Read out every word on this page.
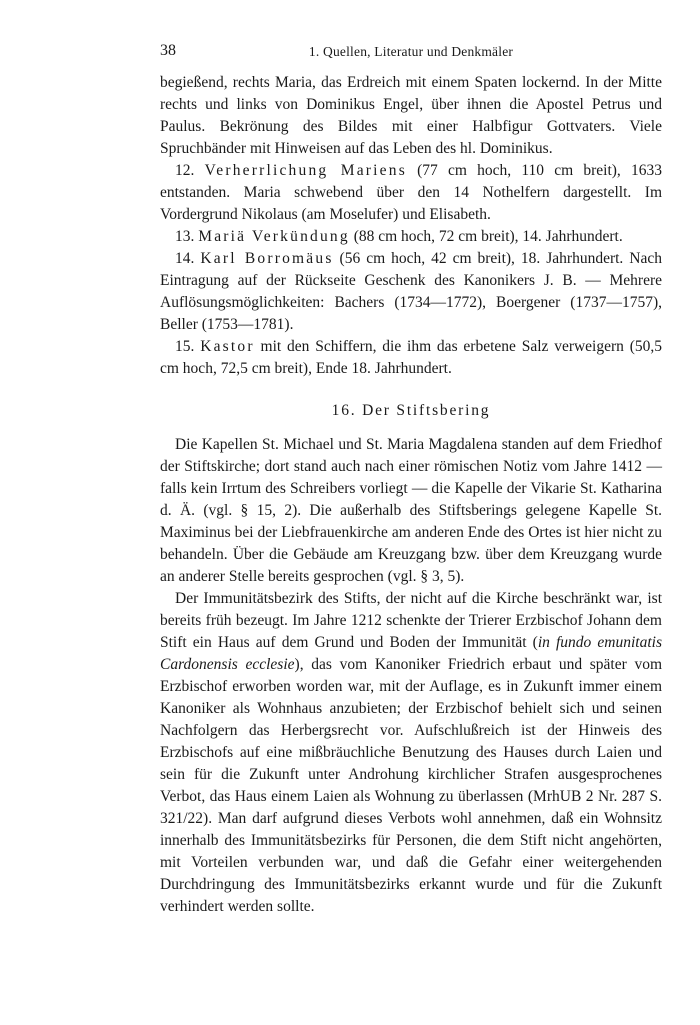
38	1. Quellen, Literatur und Denkmäler

begießend, rechts Maria, das Erdreich mit einem Spaten lockernd. In der Mitte rechts und links von Dominikus Engel, über ihnen die Apostel Petrus und Paulus. Bekrönung des Bildes mit einer Halbfigur Gottvaters. Viele Spruchbänder mit Hinweisen auf das Leben des hl. Dominikus.

12. Verherrlichung Mariens (77 cm hoch, 110 cm breit), 1633 entstanden. Maria schwebend über den 14 Nothelfern dargestellt. Im Vordergrund Nikolaus (am Moselufer) und Elisabeth.

13. Mariä Verkündung (88 cm hoch, 72 cm breit), 14. Jahrhundert.

14. Karl Borromäus (56 cm hoch, 42 cm breit), 18. Jahrhundert. Nach Eintragung auf der Rückseite Geschenk des Kanonikers J. B. — Mehrere Auflösungsmöglichkeiten: Bachers (1734—1772), Boergener (1737—1757), Beller (1753—1781).

15. Kastor mit den Schiffern, die ihm das erbetene Salz verweigern (50,5 cm hoch, 72,5 cm breit), Ende 18. Jahrhundert.

16. Der Stiftsbering

Die Kapellen St. Michael und St. Maria Magdalena standen auf dem Friedhof der Stiftskirche; dort stand auch nach einer römischen Notiz vom Jahre 1412 — falls kein Irrtum des Schreibers vorliegt — die Kapelle der Vikarie St. Katharina d. Ä. (vgl. § 15, 2). Die außerhalb des Stiftsberings gelegene Kapelle St. Maximinus bei der Liebfrauenkirche am anderen Ende des Ortes ist hier nicht zu behandeln. Über die Gebäude am Kreuzgang bzw. über dem Kreuzgang wurde an anderer Stelle bereits gesprochen (vgl. § 3, 5).

Der Immunitätsbezirk des Stifts, der nicht auf die Kirche beschränkt war, ist bereits früh bezeugt. Im Jahre 1212 schenkte der Trierer Erzbischof Johann dem Stift ein Haus auf dem Grund und Boden der Immunität (in fundo emunitatis Cardonensis ecclesie), das vom Kanoniker Friedrich erbaut und später vom Erzbischof erworben worden war, mit der Auflage, es in Zukunft immer einem Kanoniker als Wohnhaus anzubieten; der Erzbischof behielt sich und seinen Nachfolgern das Herbergsrecht vor. Aufschlußreich ist der Hinweis des Erzbischofs auf eine mißbräuchliche Benutzung des Hauses durch Laien und sein für die Zukunft unter Androhung kirchlicher Strafen ausgesprochenes Verbot, das Haus einem Laien als Wohnung zu überlassen (MrhUB 2 Nr. 287 S. 321/22). Man darf aufgrund dieses Verbots wohl annehmen, daß ein Wohnsitz innerhalb des Immunitätsbezirks für Personen, die dem Stift nicht angehörten, mit Vorteilen verbunden war, und daß die Gefahr einer weitergehenden Durchdringung des Immunitätsbezirks erkannt wurde und für die Zukunft verhindert werden sollte.
